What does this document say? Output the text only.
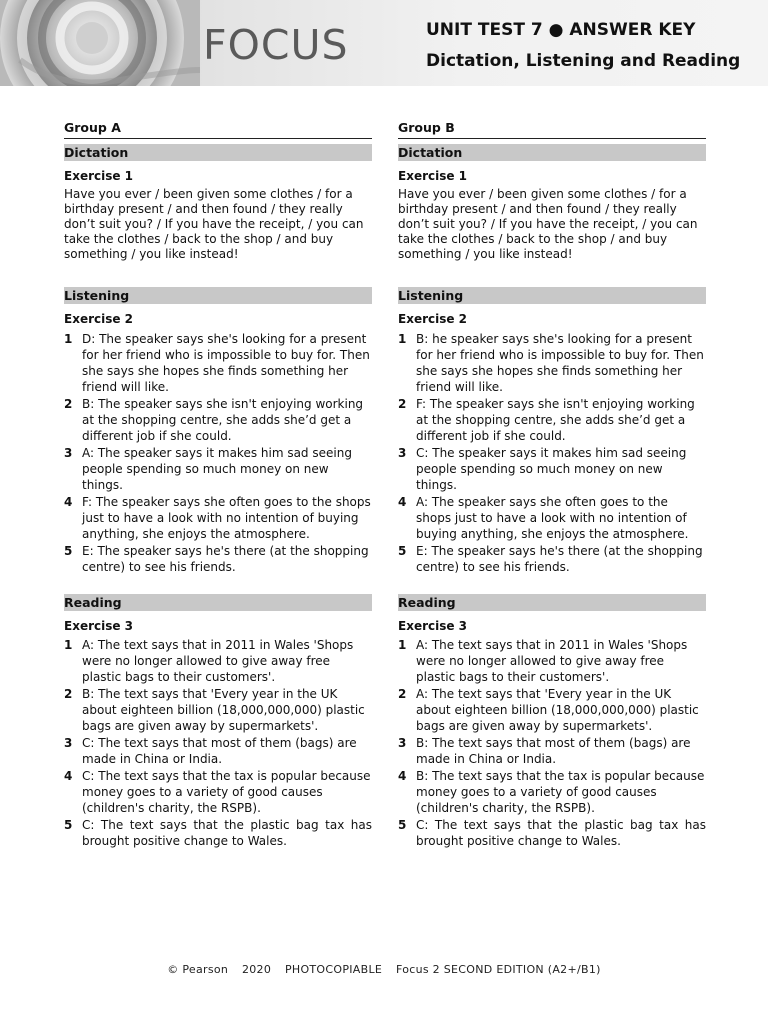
FOCUS	UNIT TEST 7 ● ANSWER KEY
Dictation, Listening and Reading
Group A
Dictation
Exercise 1

Have you ever / been given some clothes / for a birthday present / and then found / they really don’t suit you? / If you have the receipt, / you can take the clothes / back to the shop / and buy something / you like instead!

Listening
Exercise 2
1 D: The speaker says she's looking for a present for her friend who is impossible to buy for. Then she says she hopes she finds something her friend will like.
2 B: The speaker says she isn't enjoying working at the shopping centre, she adds she’d get a different job if she could.
3 A: The speaker says it makes him sad seeing people spending so much money on new things.
4 F: The speaker says she often goes to the shops just to have a look with no intention of buying anything, she enjoys the atmosphere.
5 E: The speaker says he's there (at the shopping centre) to see his friends.
Reading
Exercise 3
1 A: The text says that in 2011 in Wales 'Shops were no longer allowed to give away free plastic bags to their customers'.
2 B: The text says that 'Every year in the UK about eighteen billion (18,000,000,000) plastic bags are given away by supermarkets'.
3 C: The text says that most of them (bags) are made in China or India.
4 C: The text says that the tax is popular because money goes to a variety of good causes (children's charity, the RSPB).
5 C: The text says that the plastic bag tax has brought positive change to Wales.
Group B
Dictation
Exercise 1

Have you ever / been given some clothes / for a birthday present / and then found / they really don’t suit you? / If you have the receipt, / you can take the clothes / back to the shop / and buy something / you like instead!

Listening
Exercise 2
1 B: he speaker says she's looking for a present for her friend who is impossible to buy for. Then she says she hopes she finds something her friend will like.
2 F: The speaker says she isn't enjoying working at the shopping centre, she adds she’d get a different job if she could.
3 C: The speaker says it makes him sad seeing people spending so much money on new things.
4 A: The speaker says she often goes to the shops just to have a look with no intention of buying anything, she enjoys the atmosphere.
5 E: The speaker says he's there (at the shopping centre) to see his friends.
Reading
Exercise 3
1 A: The text says that in 2011 in Wales 'Shops were no longer allowed to give away free plastic bags to their customers'.
2 A: The text says that 'Every year in the UK about eighteen billion (18,000,000,000) plastic bags are given away by supermarkets'.
3 B: The text says that most of them (bags) are made in China or India.
4 B: The text says that the tax is popular because money goes to a variety of good causes (children's charity, the RSPB).
5 C: The text says that the plastic bag tax has brought positive change to Wales.
© Pearson 2020 PHOTOCOPIABLE Focus 2 SECOND EDITION (A2+/B1)
